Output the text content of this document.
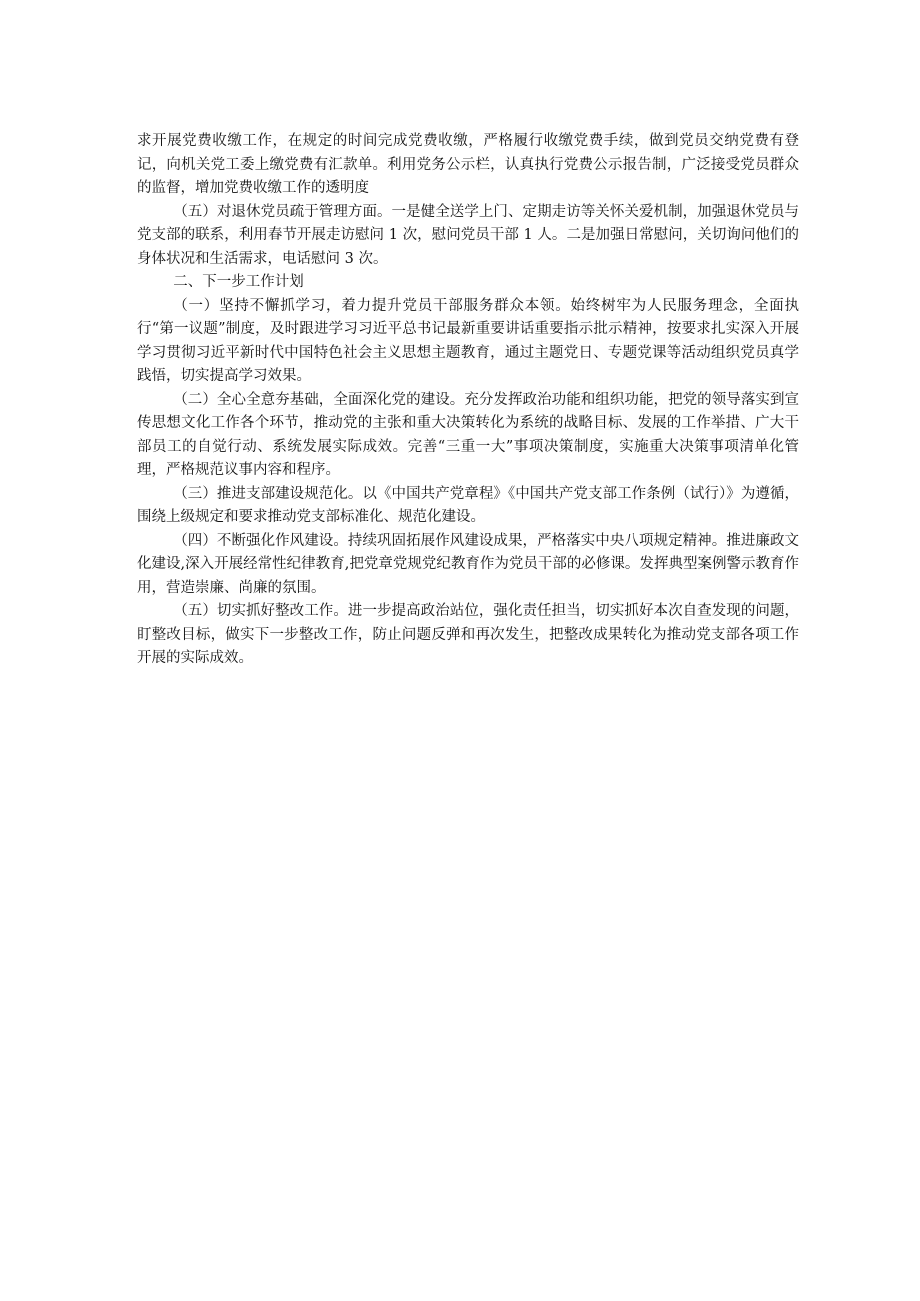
求开展党费收缴工作，在规定的时间完成党费收缴，严格履行收缴党费手续，做到党员交纳党费有登记，向机关党工委上缴党费有汇款单。利用党务公示栏，认真执行党费公示报告制，广泛接受党员群众的监督，增加党费收缴工作的透明度

（五）对退休党员疏于管理方面。一是健全送学上门、定期走访等关怀关爱机制，加强退休党员与党支部的联系，利用春节开展走访慰问 1 次，慰问党员干部 1 人。二是加强日常慰问，关切询问他们的身体状况和生活需求，电话慰问 3 次。

二、下一步工作计划

（一）坚持不懈抓学习，着力提升党员干部服务群众本领。始终树牢为人民服务理念，全面执行“第一议题”制度，及时跟进学习习近平总书记最新重要讲话重要指示批示精神，按要求扎实深入开展学习贯彻习近平新时代中国特色社会主义思想主题教育，通过主题党日、专题党课等活动组织党员真学践悟，切实提高学习效果。

（二）全心全意夯基础，全面深化党的建设。充分发挥政治功能和组织功能，把党的领导落实到宣传思想文化工作各个环节，推动党的主张和重大决策转化为系统的战略目标、发展的工作举措、广大干部员工的自觉行动、系统发展实际成效。完善“三重一大”事项决策制度，实施重大决策事项清单化管理，严格规范议事内容和程序。

（三）推进支部建设规范化。以《中国共产党章程》《中国共产党支部工作条例（试行）》为遵循，围绕上级规定和要求推动党支部标准化、规范化建设。

（四）不断强化作风建设。持续巩固拓展作风建设成果，严格落实中央八项规定精神。推进廉政文化建设,深入开展经常性纪律教育,把党章党规党纪教育作为党员干部的必修课。发挥典型案例警示教育作用，营造崇廉、尚廉的氛围。

（五）切实抓好整改工作。进一步提高政治站位，强化责任担当，切实抓好本次自查发现的问题，盯整改目标，做实下一步整改工作，防止问题反弹和再次发生，把整改成果转化为推动党支部各项工作开展的实际成效。
